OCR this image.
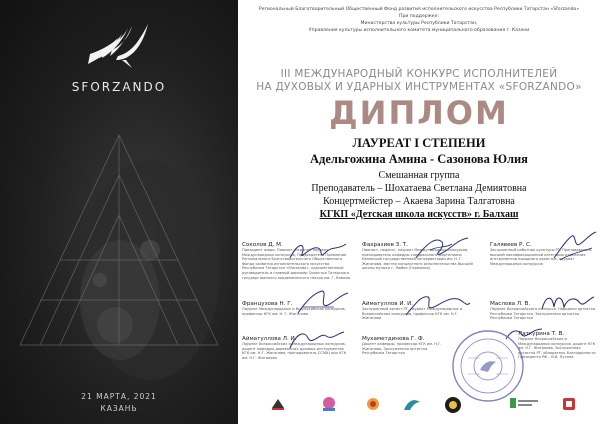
SFORZANDO
21 МАРТА, 2021
КАЗАНЬ
Региональный Благотворительный Общественный Фонд развития исполнительского искусства Республики Татарстан «Sforzando»
При поддержке:
Министерства культуры Республики Татарстан,
Управления культуры исполнительного комитета муниципального образования г. Казани
III МЕЖДУНАРОДНЫЙ КОНКУРС ИСПОЛНИТЕЛЕЙ
НА ДУХОВЫХ И УДАРНЫХ ИНСТРУМЕНТАХ «SFORZANDO»
ДИПЛОМ
ЛАУРЕАТ I СТЕПЕНИ
Адельгожина Амина - Сазонова Юлия
Смешанная группа
Преподаватель – Шохатаева Светлана Демиятовна
Концертмейстер – Акаева Зарина Талгатовна
КГКП «Детская школа искусств» г. Балхаш
Соколов Д. М.
Президент жюри. Пианист, педагог, лауреат Международных конкурсов, Председатель Правления Регионального Благотворительного Общественного Фонда развития исполнительского искусства Республики Татарстан «Sforzando», художественный руководитель и главный дирижёр Оркестра Татарского государственного академического театра им. Г. Камала
Фахразиев З. Т.
Пианист, педагог, лауреат Международных конкурсов, преподаватель кафедры специального фортепиано Казанской государственной консерватории им. Н. Г. Жиганова, мастер концертного исполнительства Высшей школы музыки г. Любек (Германия)
Галявеев Р. С.
Заслуженный работник культуры РТ, Преподаватель высшей квалификационной категории отделения инструментов народного оркестра, лауреат Международных конкурсов
Французова Н. Г.
Лауреат Международных и Всероссийских конкурсов, профессор КГК им. Н. Г. Жиганова
Айматуллов И. И.
Заслуженный артист РТ, лауреат Международных и Всероссийских конкурсов, профессор КГК им. Н.Г. Жиганова
Маслова Л. В.
Лауреат Всероссийского конкурса, Народная артистка Республики Татарстан, Заслуженная артистка Республики Татарстан
Айматуллова Л. И.
Лауреат Всероссийских и Международных конкурсов, доцент кафедры деревянных духовых инструментов КГК им. Н.Г. Жиганова, преподаватель ССМШ при КГК им. Н.Г. Жиганова
Мухаметдинова Г. Ф.
Доцент кафедры, профессор КГК им. Н.Г. Жиганова, Заслуженная артистка Республики Татарстан
Латкурина Т. В.
Лауреат Всероссийских и Международных конкурсов, доцент КГК им. Н.Г. Жиганова, Заслуженная артистка РТ, обладатель Благодарности Президента РФ – В.В. Путина
